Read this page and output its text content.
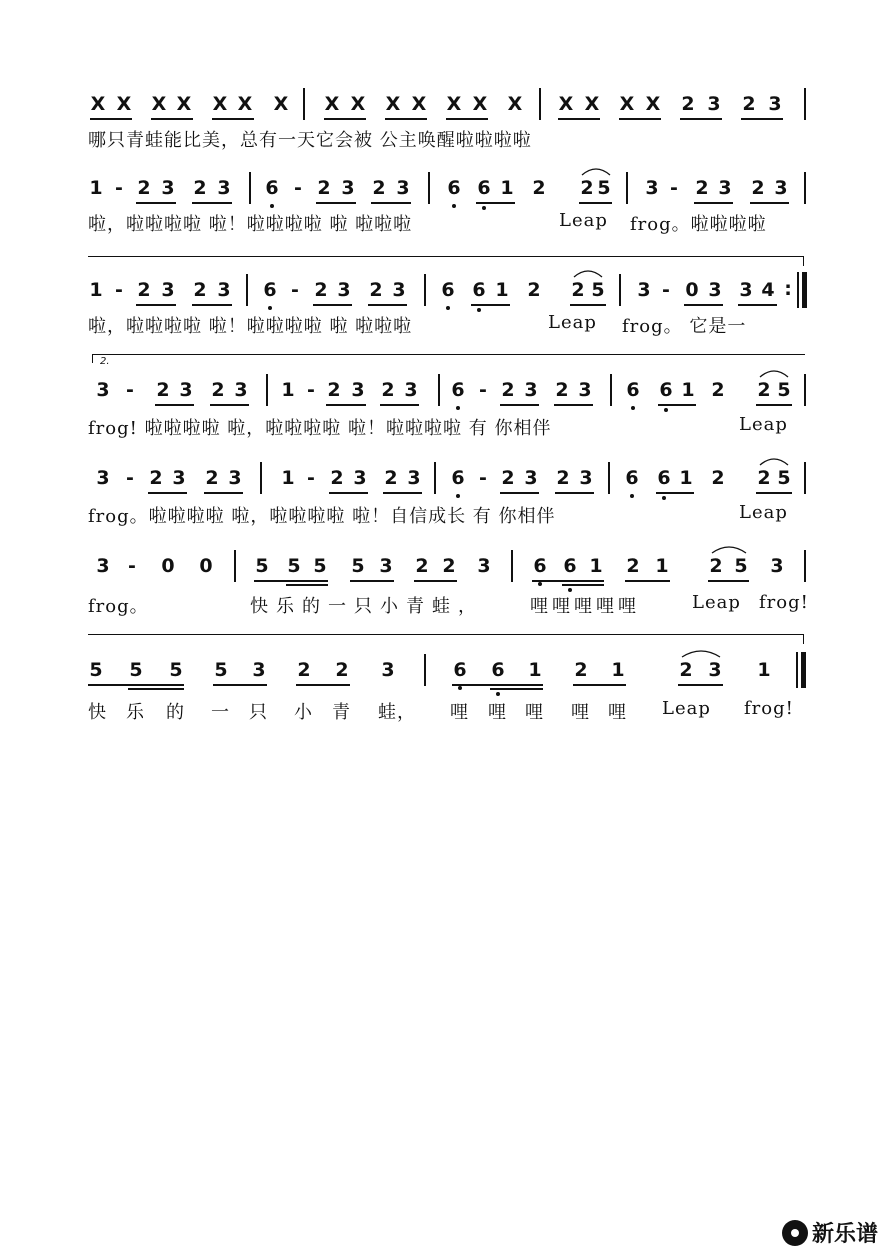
X X X X X X X X X X X X X X X X X X 2 3 2 3
哪只青蛙能比美，总有一天它会被 公主唤醒啦啦啦啦
1 - 2 3 2 3 6 - 2 3 2 3 6 6 1 2 2 5 3 - 2 3 2 3
啦，啦啦啦啦 啦！啦啦啦啦 啦 啦啦啦	Leap frog。啦啦啦啦
1 - 2 3 2 3 6 - 2 3 2 3 6 6 1 2 2 5 3 - 0 3 3 4 :
啦，啦啦啦啦 啦！啦啦啦啦 啦 啦啦啦	Leap frog。 它是一
2.
3 - 2 3 2 3 1 - 2 3 2 3 6 - 2 3 2 3 6 6 1 2 2 5
frog! 啦啦啦啦 啦，啦啦啦啦 啦！啦啦啦啦 有 你相伴	Leap
3 - 2 3 2 3 1 - 2 3 2 3 6 - 2 3 2 3 6 6 1 2 2 5
frog。啦啦啦啦 啦，啦啦啦啦 啦！自信成长 有 你相伴	Leap
3 - 0 0 5 5 5 5 3 2 2 3 6 6 1 2 1 2 5 3
frog。	快乐的一只小青蛙，	哩哩哩哩哩	Leap frog!
5 5 5 5 3 2 2 3	6 6 1 2 1	2 3 1
快 乐 的 一 只 小 青 蛙， 哩 哩 哩 哩 哩 Leap frog!
新乐谱
